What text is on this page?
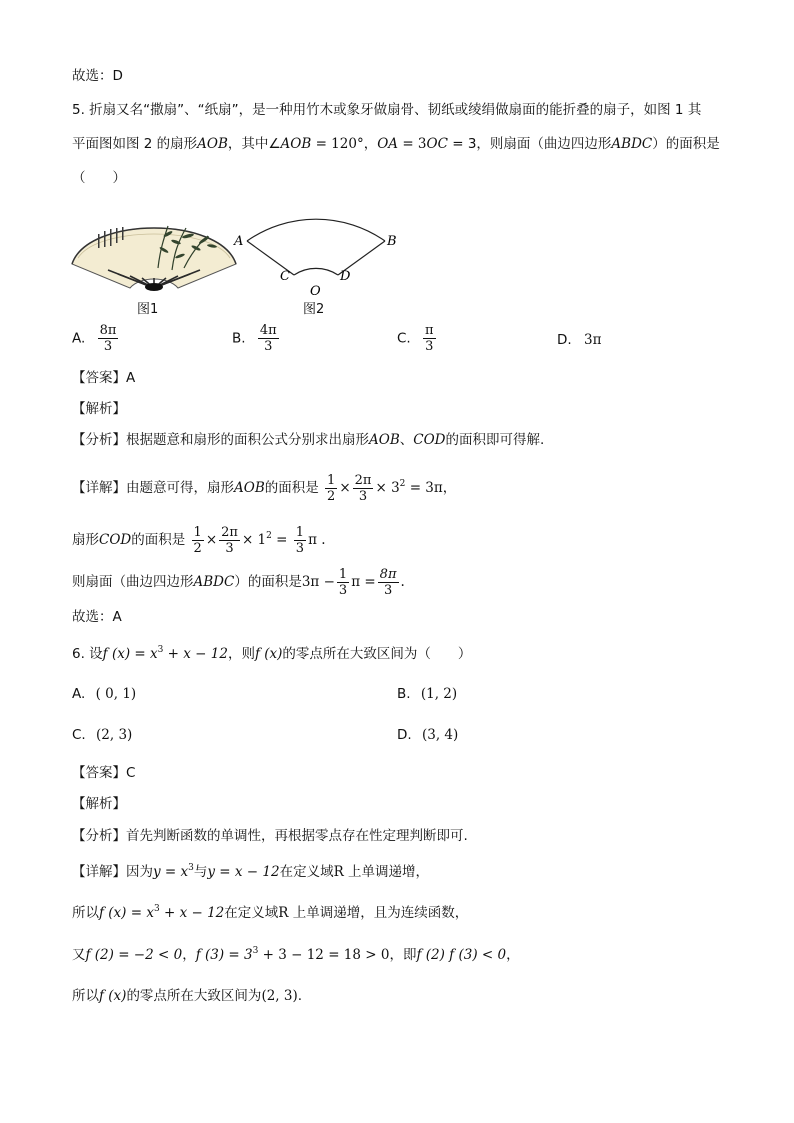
故选：D
5. 折扇又名“撒扇”、“纸扇”，是一种用竹木或象牙做扇骨、韧纸或绫绢做扇面的能折叠的扇子，如图 1 其
平面图如图 2 的扇形AOB，其中∠AOB = 120°，OA = 3OC = 3，则扇面（曲边四边形ABDC）的面积是
（　　）
图1
A	B
C	D
O
图2
A. $\frac{8\pi}{3}$	B. $\frac{4\pi}{3}$	C. $\frac{\pi}{3}$	D. 3π
【答案】A
【解析】
【分析】根据题意和扇形的面积公式分别求出扇形AOB、COD的面积即可得解.
【详解】由题意可得，扇形AOB的面积是 $\frac{1}{2} \times \frac{2\pi}{3} \times 3^2 = 3\pi$，
扇形COD的面积是 $\frac{1}{2} \times \frac{2\pi}{3} \times 1^2 = \frac{1}{3}$ π .
则扇面（曲边四边形ABDC）的面积是$3\pi - \frac{1}{3}$ $\pi = \frac{8\pi}{3}$ .
故选：A
6. 设f $(x) = x^3 + x - 12$，则f (x)的零点所在大致区间为（　　）
A. ( 0, 1)	B. (1, 2)
C. (2, 3)	D. (3, 4)
【答案】C
【解析】
【分析】首先判断函数的单调性，再根据零点存在性定理判断即可.
【详解】因为$y = x^3$与y = x − 12在定义域R 上单调递增，
所以f $(x) = x^3 + x - 12$在定义域R 上单调递增，且为连续函数，
又f (2) = −2 < 0，f $(3) = 3^3 + 3 - 12 = 18 > 0$，即f (2) f (3) < 0，
所以f (x)的零点所在大致区间为(2, 3).
